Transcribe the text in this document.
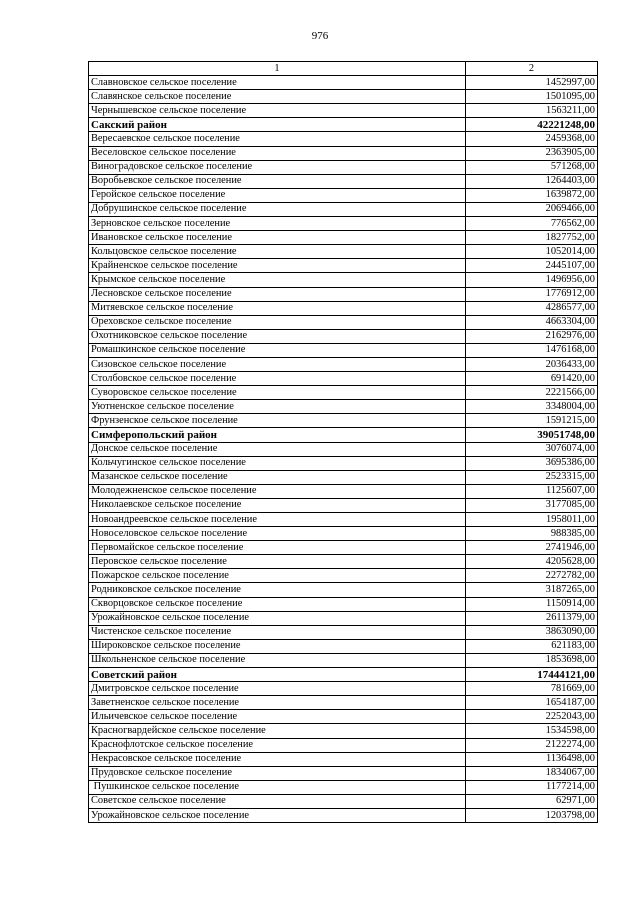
976
1	2
Славновское сельское поселение	1452997,00
Славянское сельское поселение	1501095,00
Чернышевское сельское поселение	1563211,00
Сакский район	42221248,00
Вересаевское сельское поселение	2459368,00
Веселовское сельское поселение	2363905,00
Виноградовское сельское поселение	571268,00
Воробьевское сельское поселение	1264403,00
Геройское сельское поселение	1639872,00
Добрушинское сельское поселение	2069466,00
Зерновское сельское поселение	776562,00
Ивановское сельское поселение	1827752,00
Кольцовское сельское поселение	1052014,00
Крайненское сельское поселение	2445107,00
Крымское сельское поселение	1496956,00
Лесновское сельское поселение	1776912,00
Митяевское сельское поселение	4286577,00
Ореховское сельское поселение	4663304,00
Охотниковское сельское поселение	2162976,00
Ромашкинское сельское поселение	1476168,00
Сизовское сельское поселение	2036433,00
Столбовское сельское поселение	691420,00
Суворовское сельское поселение	2221566,00
Уютненское сельское поселение	3348004,00
Фрунзенское сельское поселение	1591215,00
Симферопольский район	39051748,00
Донское сельское поселение	3076074,00
Кольчугинское сельское поселение	3695386,00
Мазанское сельское поселение	2523315,00
Молодежненское сельское поселение	1125607,00
Николаевское сельское поселение	3177085,00
Новоандреевское сельское поселение	1958011,00
Новоселовское сельское поселение	988385,00
Первомайское сельское поселение	2741946,00
Перовское сельское поселение	4205628,00
Пожарское сельское поселение	2272782,00
Родниковское сельское поселение	3187265,00
Скворцовское сельское поселение	1150914,00
Урожайновское сельское поселение	2611379,00
Чистенское сельское поселение	3863090,00
Широковское сельское поселение	621183,00
Школьненское сельское поселение	1853698,00
Советский район	17444121,00
Дмитровское сельское поселение	781669,00
Заветненское сельское поселение	1654187,00
Ильичевское сельское поселение	2252043,00
Красногвардейское сельское поселение	1534598,00
Краснофлотское сельское поселение	2122274,00
Некрасовское сельское поселение	1136498,00
Прудовское сельское поселение	1834067,00
Пушкинское сельское поселение	1177214,00
Советское сельское поселение	62971,00
Урожайновское сельское поселение	1203798,00
